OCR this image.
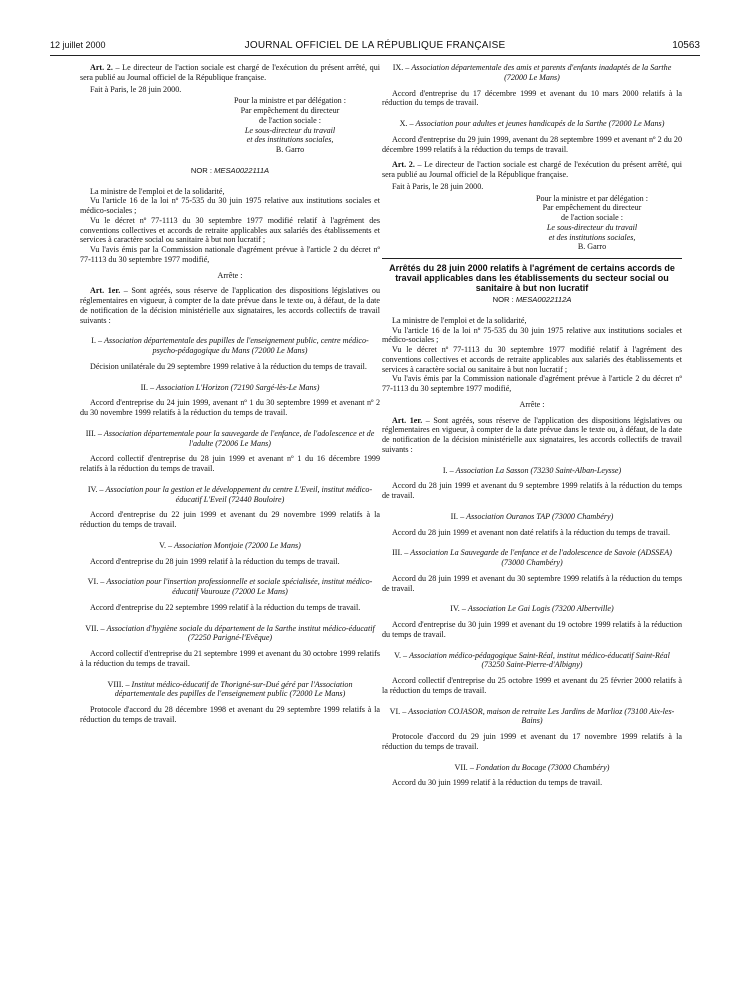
12 juillet 2000	JOURNAL OFFICIEL DE LA RÉPUBLIQUE FRANÇAISE	10563

Art. 2. – Le directeur de l'action sociale est chargé de l'exécution du présent arrêté, qui sera publié au Journal officiel de la République française.

Fait à Paris, le 28 juin 2000.

Pour la ministre et par délégation :
Par empêchement du directeur
de l'action sociale :
Le sous-directeur du travail
et des institutions sociales,
B. Garro

NOR : MESA0022111A

La ministre de l'emploi et de la solidarité,

Vu l'article 16 de la loi nº 75-535 du 30 juin 1975 relative aux institutions sociales et médico-sociales ;

Vu le décret nº 77-1113 du 30 septembre 1977 modifié relatif à l'agrément des conventions collectives et accords de retraite applicables aux salariés des établissements et services à caractère social ou sanitaire à but non lucratif ;

Vu l'avis émis par la Commission nationale d'agrément prévue à l'article 2 du décret nº 77-1113 du 30 septembre 1977 modifié,

Arrête :

Art. 1er. – Sont agréés, sous réserve de l'application des dispositions législatives ou réglementaires en vigueur, à compter de la date prévue dans le texte ou, à défaut, de la date de notification de la décision ministérielle aux signataires, les accords collectifs de travail suivants :

I. – Association départementale des pupilles de l'enseignement public, centre médico-psycho-pédagogique du Mans (72000 Le Mans)

Décision unilatérale du 29 septembre 1999 relative à la réduction du temps de travail.

II. – Association L'Horizon (72190 Sargé-lès-Le Mans)

Accord d'entreprise du 24 juin 1999, avenant nº 1 du 30 septembre 1999 et avenant nº 2 du 30 novembre 1999 relatifs à la réduction du temps de travail.

III. – Association départementale pour la sauvegarde de l'enfance, de l'adolescence et de l'adulte (72006 Le Mans)

Accord collectif d'entreprise du 28 juin 1999 et avenant nº 1 du 16 décembre 1999 relatifs à la réduction du temps de travail.

IV. – Association pour la gestion et le développement du centre L'Eveil, institut médico-éducatif L'Eveil (72440 Bouloire)

Accord d'entreprise du 22 juin 1999 et avenant du 29 novembre 1999 relatifs à la réduction du temps de travail.

V. – Association Montjoie (72000 Le Mans)

Accord d'entreprise du 28 juin 1999 relatif à la réduction du temps de travail.

VI. – Association pour l'insertion professionnelle et sociale spécialisée, institut médico-éducatif Vaurouze (72000 Le Mans)

Accord d'entreprise du 22 septembre 1999 relatif à la réduction du temps de travail.

VII. – Association d'hygiène sociale du département de la Sarthe institut médico-éducatif (72250 Parigné-l'Evêque)

Accord collectif d'entreprise du 21 septembre 1999 et avenant du 30 octobre 1999 relatifs à la réduction du temps de travail.

VIII. – Institut médico-éducatif de Thorigné-sur-Dué géré par l'Association départementale des pupilles de l'enseignement public (72000 Le Mans)

Protocole d'accord du 28 décembre 1998 et avenant du 29 septembre 1999 relatifs à la réduction du temps de travail.

IX. – Association départementale des amis et parents d'enfants inadaptés de la Sarthe (72000 Le Mans)

Accord d'entreprise du 17 décembre 1999 et avenant du 10 mars 2000 relatifs à la réduction du temps de travail.

X. – Association pour adultes et jeunes handicapés de la Sarthe (72000 Le Mans)

Accord d'entreprise du 29 juin 1999, avenant du 28 septembre 1999 et avenant nº 2 du 20 décembre 1999 relatifs à la réduction du temps de travail.

Art. 2. – Le directeur de l'action sociale est chargé de l'exécution du présent arrêté, qui sera publié au Journal officiel de la République française.

Fait à Paris, le 28 juin 2000.

Pour la ministre et par délégation :
Par empêchement du directeur
de l'action sociale :
Le sous-directeur du travail
et des institutions sociales,
B. Garro

Arrêtés du 28 juin 2000 relatifs à l'agrément de certains accords de travail applicables dans les établissements du secteur social ou sanitaire à but non lucratif

NOR : MESA0022112A

La ministre de l'emploi et de la solidarité,

Vu l'article 16 de la loi nº 75-535 du 30 juin 1975 relative aux institutions sociales et médico-sociales ;

Vu le décret nº 77-1113 du 30 septembre 1977 modifié relatif à l'agrément des conventions collectives et accords de retraite applicables aux salariés des établissements et services à caractère social ou sanitaire à but non lucratif ;

Vu l'avis émis par la Commission nationale d'agrément prévue à l'article 2 du décret nº 77-1113 du 30 septembre 1977 modifié,

Arrête :

Art. 1er. – Sont agréés, sous réserve de l'application des dispositions législatives ou réglementaires en vigueur, à compter de la date prévue dans le texte ou, à défaut, de la date de notification de la décision ministérielle aux signataires, les accords collectifs de travail suivants :

I. – Association La Sasson (73230 Saint-Alban-Leysse)

Accord du 28 juin 1999 et avenant du 9 septembre 1999 relatifs à la réduction du temps de travail.

II. – Association Ouranos TAP (73000 Chambéry)

Accord du 28 juin 1999 et avenant non daté relatifs à la réduction du temps de travail.

III. – Association La Sauvegarde de l'enfance et de l'adolescence de Savoie (ADSSEA) (73000 Chambéry)

Accord du 28 juin 1999 et avenant du 30 septembre 1999 relatifs à la réduction du temps de travail.

IV. – Association Le Gai Logis (73200 Albertville)

Accord d'entreprise du 30 juin 1999 et avenant du 19 octobre 1999 relatifs à la réduction du temps de travail.

V. – Association médico-pédagogique Saint-Réal, institut médico-éducatif Saint-Réal (73250 Saint-Pierre-d'Albigny)

Accord collectif d'entreprise du 25 octobre 1999 et avenant du 25 février 2000 relatifs à la réduction du temps de travail.

VI. – Association COJASOR, maison de retraite Les Jardins de Marlioz (73100 Aix-les-Bains)

Protocole d'accord du 29 juin 1999 et avenant du 17 novembre 1999 relatifs à la réduction du temps de travail.

VII. – Fondation du Bocage (73000 Chambéry)

Accord du 30 juin 1999 relatif à la réduction du temps de travail.
